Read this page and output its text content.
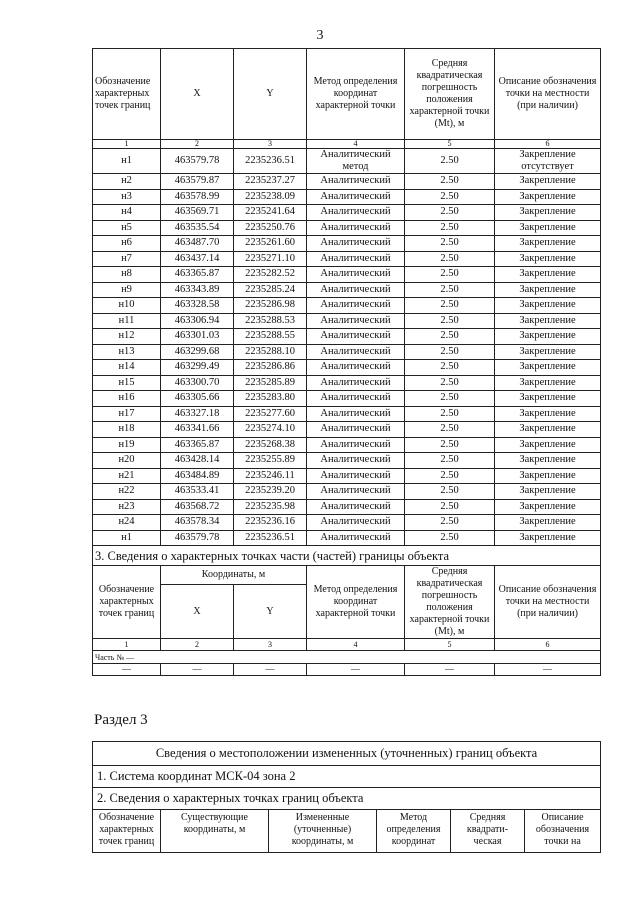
3
Обозначение характерных точек границ	X	Y	Метод определения координат характерной точки	Средняя квадратическая погрешность положения характерной точки (Mt), м	Описание обозначения точки на местности (при наличии)
1	2	3	4	5	6
н1	463579.78	2235236.51	Аналитический метод	2.50	Закрепление отсутствует
н2	463579.87	2235237.27	Аналитический	2.50	Закрепление
н3	463578.99	2235238.09	Аналитический	2.50	Закрепление
н4	463569.71	2235241.64	Аналитический	2.50	Закрепление
н5	463535.54	2235250.76	Аналитический	2.50	Закрепление
н6	463487.70	2235261.60	Аналитический	2.50	Закрепление
н7	463437.14	2235271.10	Аналитический	2.50	Закрепление
н8	463365.87	2235282.52	Аналитический	2.50	Закрепление
н9	463343.89	2235285.24	Аналитический	2.50	Закрепление
н10	463328.58	2235286.98	Аналитический	2.50	Закрепление
н11	463306.94	2235288.53	Аналитический	2.50	Закрепление
н12	463301.03	2235288.55	Аналитический	2.50	Закрепление
н13	463299.68	2235288.10	Аналитический	2.50	Закрепление
н14	463299.49	2235286.86	Аналитический	2.50	Закрепление
н15	463300.70	2235285.89	Аналитический	2.50	Закрепление
н16	463305.66	2235283.80	Аналитический	2.50	Закрепление
н17	463327.18	2235277.60	Аналитический	2.50	Закрепление
н18	463341.66	2235274.10	Аналитический	2.50	Закрепление
н19	463365.87	2235268.38	Аналитический	2.50	Закрепление
н20	463428.14	2235255.89	Аналитический	2.50	Закрепление
н21	463484.89	2235246.11	Аналитический	2.50	Закрепление
н22	463533.41	2235239.20	Аналитический	2.50	Закрепление
н23	463568.72	2235235.98	Аналитический	2.50	Закрепление
н24	463578.34	2235236.16	Аналитический	2.50	Закрепление
н1	463579.78	2235236.51	Аналитический	2.50	Закрепление
3. Сведения о характерных точках части (частей) границы объекта					
Обозначение характерных точек границ	Координаты, м		Метод определения координат характерной точки	Средняя квадратическая погрешность положения характерной точки (Mt), м	Описание обозначения точки на местности (при наличии)
	X	Y			
1	2	3	4	5	6
Часть № —					
—	—	—	—	—	—
Раздел 3
Сведения о местоположении измененных (уточненных) границ объекта
1. Система координат МСК-04 зона 2
2. Сведения о характерных точках границ объекта
Обозначение характерных точек границ	Существующие координаты, м	Измененные (уточненные) координаты, м	Метод определения координат	Средняя квадрати-ческая	Описание обозначения точки на
